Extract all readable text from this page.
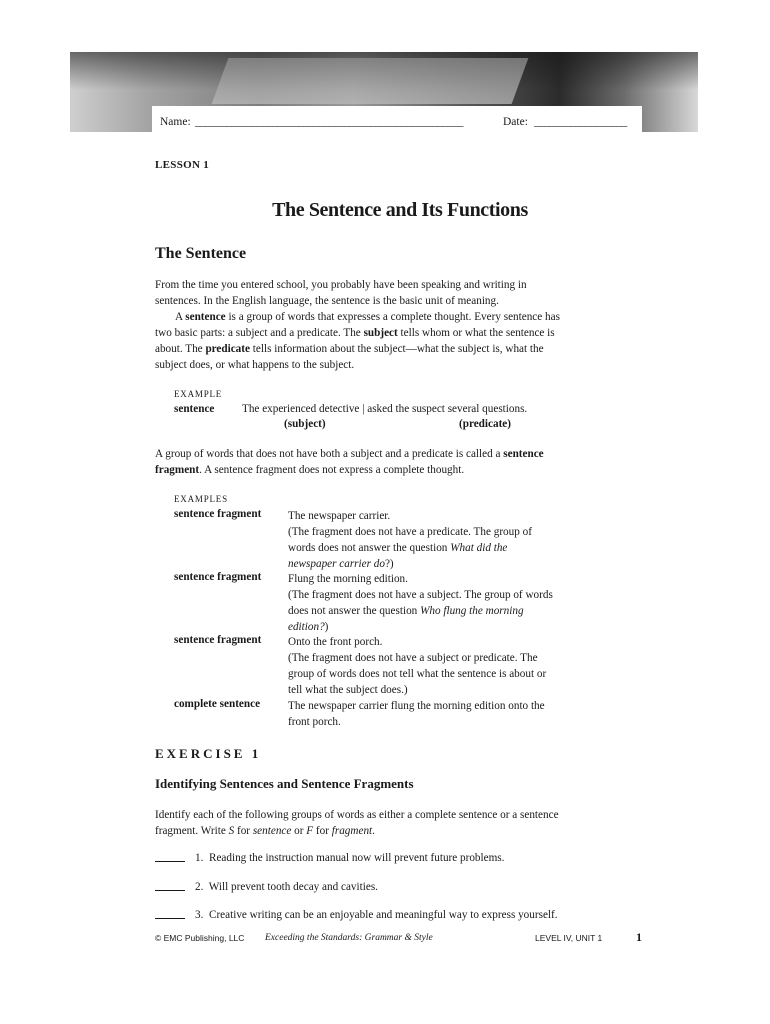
Name: ____________________________________________________	Date: __________________
LESSON 1
The Sentence and Its Functions
The Sentence
From the time you entered school, you probably have been speaking and writing in sentences. In the English language, the sentence is the basic unit of meaning.
A sentence is a group of words that expresses a complete thought. Every sentence has two basic parts: a subject and a predicate. The subject tells whom or what the sentence is about. The predicate tells information about the subject—what the subject is, what the subject does, or what happens to the subject.
EXAMPLE
sentence The experienced detective | asked the suspect several questions.
(subject)	(predicate)
A group of words that does not have both a subject and a predicate is called a sentence fragment. A sentence fragment does not express a complete thought.
EXAMPLES
sentence fragment The newspaper carrier.
(The fragment does not have a predicate. The group of words does not answer the question What did the newspaper carrier do?)
sentence fragment Flung the morning edition.
(The fragment does not have a subject. The group of words does not answer the question Who flung the morning edition?)
sentence fragment Onto the front porch.
(The fragment does not have a subject or predicate. The group of words does not tell what the sentence is about or tell what the subject does.)
complete sentence The newspaper carrier flung the morning edition onto the front porch.
EXERCISE 1
Identifying Sentences and Sentence Fragments
Identify each of the following groups of words as either a complete sentence or a sentence fragment. Write S for sentence or F for fragment.
1. Reading the instruction manual now will prevent future problems.
2. Will prevent tooth decay and cavities.
3. Creative writing can be an enjoyable and meaningful way to express yourself.
© EMC Publishing, LLC Exceeding the Standards: Grammar & Style	LEVEL IV, UNIT 1	1
